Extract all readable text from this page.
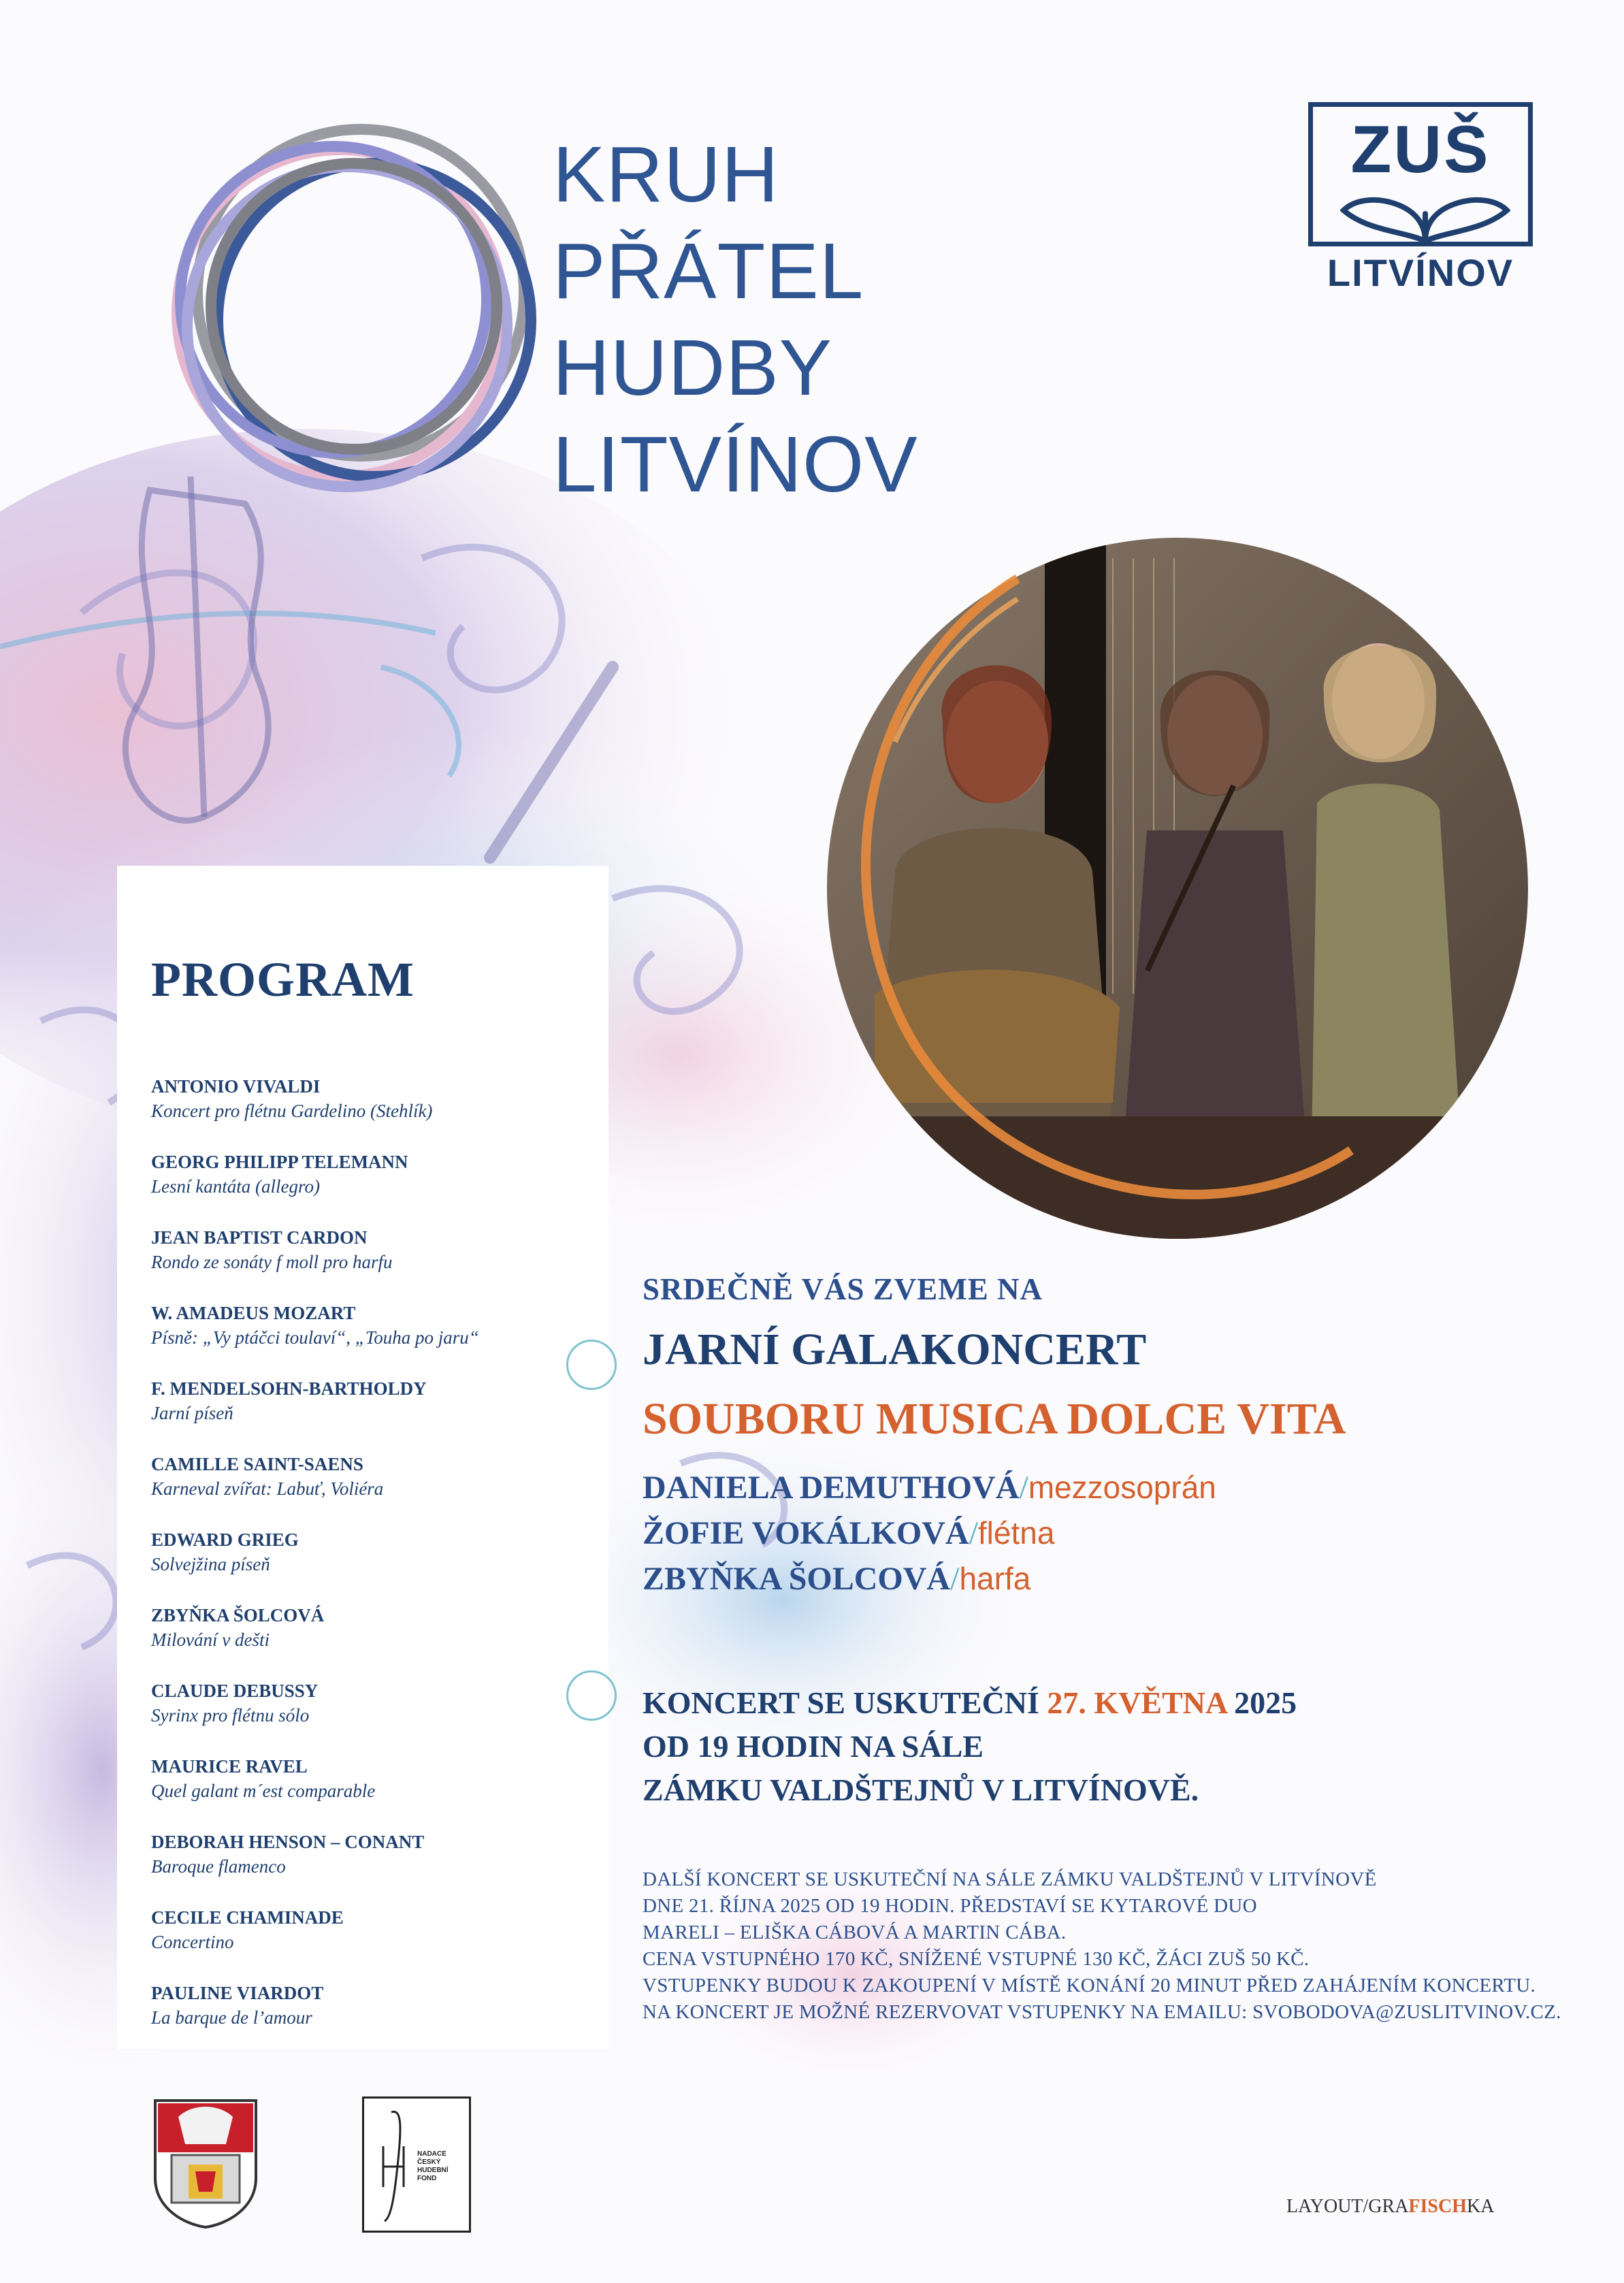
KRUH
PŘÁTEL
HUDBY
LITVÍNOV
ZUŠ
LITVÍNOV
PROGRAM
ANTONIO VIVALDI
Koncert pro flétnu Gardelino (Stehlík)
GEORG PHILIPP TELEMANN
Lesní kantáta (allegro)
JEAN BAPTIST CARDON
Rondo ze sonáty f moll pro harfu
W. AMADEUS MOZART
Písně: „Vy ptáčci toulaví“, „Touha po jaru“
F. MENDELSOHN-BARTHOLDY
Jarní píseň
CAMILLE SAINT-SAENS
Karneval zvířat: Labuť, Voliéra
EDWARD GRIEG
Solvejžina píseň
ZBYŇKA ŠOLCOVÁ
Milování v dešti
CLAUDE DEBUSSY
Syrinx pro flétnu sólo
MAURICE RAVEL
Quel galant m´est comparable
DEBORAH HENSON – CONANT
Baroque flamenco
CECILE CHAMINADE
Concertino
PAULINE VIARDOT
La barque de l’amour
SRDEČNĚ VÁS ZVEME NA
JARNÍ GALAKONCERT
SOUBORU MUSICA DOLCE VITA
DANIELA DEMUTHOVÁ/mezzosoprán
ŽOFIE VOKÁLKOVÁ/flétna
ZBYŇKA ŠOLCOVÁ/harfa
KONCERT SE USKUTEČNÍ 27. KVĚTNA 2025
OD 19 HODIN NA SÁLE
ZÁMKU VALDŠTEJNŮ V LITVÍNOVĚ.
DALŠÍ KONCERT SE USKUTEČNÍ NA SÁLE ZÁMKU VALDŠTEJNŮ V LITVÍNOVĚ
DNE 21. ŘÍJNA 2025 OD 19 HODIN. PŘEDSTAVÍ SE KYTAROVÉ DUO
MARELI – ELIŠKA CÁBOVÁ A MARTIN CÁBA.
CENA VSTUPNÉHO 170 KČ, SNÍŽENÉ VSTUPNÉ 130 KČ, ŽÁCI ZUŠ 50 KČ.
VSTUPENKY BUDOU K ZAKOUPENÍ V MÍSTĚ KONÁNÍ 20 MINUT PŘED ZAHÁJENÍM KONCERTU.
NA KONCERT JE MOŽNÉ REZERVOVAT VSTUPENKY NA EMAILU: SVOBODOVA@ZUSLITVINOV.CZ.
NADACE
ČESKÝ
HUDEBNÍ
FOND
LAYOUT/GRAFISCHKA
